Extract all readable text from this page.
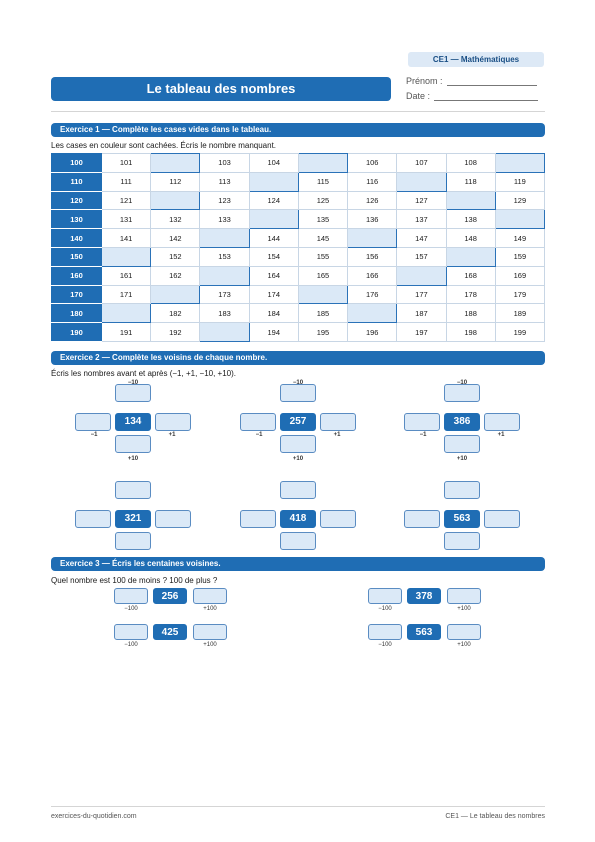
CE1 — Mathématiques
Le tableau des nombres	Prénom :
Date :
Exercice 1 — Complète les cases vides dans le tableau.
Les cases en couleur sont cachées. Écris le nombre manquant.
100	101		103	104		106	107	108	
110	111	112	113		115	116		118	119
120	121		123	124	125	126	127		129
130	131	132	133		135	136	137	138	
140	141	142		144	145		147	148	149
150		152	153	154	155	156	157		159
160	161	162		164	165	166		168	169
170	171		173	174		176	177	178	179
180		182	183	184	185		187	188	189
190	191	192		194	195	196	197	198	199
Exercice 2 — Complète les voisins de chaque nombre.
Écris les nombres avant et après (−1, +1, −10, +10).
134
−10
−1	+1
+10
257
−10
−1	+1
+10
386
−10
−1	+1
+10
321	418	563
Exercice 3 — Écris les centaines voisines.
Quel nombre est 100 de moins ? 100 de plus ?
256
−100	+100
378
−100	+100
425
−100	+100
563
−100	+100
exercices-du-quotidien.com	CE1 — Le tableau des nombres
